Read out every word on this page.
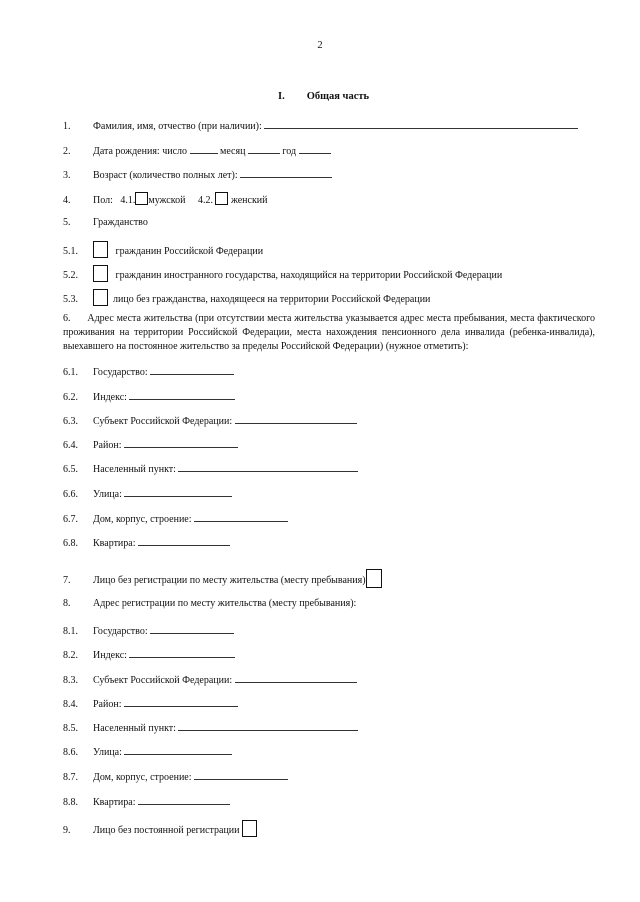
2
I. Общая часть
1. Фамилия, имя, отчество (при наличии):
2. Дата рождения: число	месяц	год
3. Возраст (количество полных лет):
4. Пол: 4.1. мужской 4.2. женский
5. Гражданство
5.1.	гражданин Российской Федерации
5.2.	гражданин иностранного государства, находящийся на территории Российской Федерации
5.3.	лицо без гражданства, находящееся на территории Российской Федерации
6. Адрес места жительства (при отсутствии места жительства указывается адрес места пребывания, места фактического проживания на территории Российской Федерации, места нахождения пенсионного дела инвалида (ребенка-инвалида), выехавшего на постоянное жительство за пределы Российской Федерации) (нужное отметить):
6.1. Государство:
6.2. Индекс:
6.3. Субъект Российской Федерации:
6.4. Район:
6.5. Населенный пункт:
6.6. Улица:
6.7. Дом, корпус, строение:
6.8. Квартира:
7. Лицо без регистрации по месту жительства (месту пребывания)
8. Адрес регистрации по месту жительства (месту пребывания):
8.1. Государство:
8.2. Индекс:
8.3. Субъект Российской Федерации:
8.4. Район:
8.5. Населенный пункт:
8.6. Улица:
8.7. Дом, корпус, строение:
8.8. Квартира:
9. Лицо без постоянной регистрации
